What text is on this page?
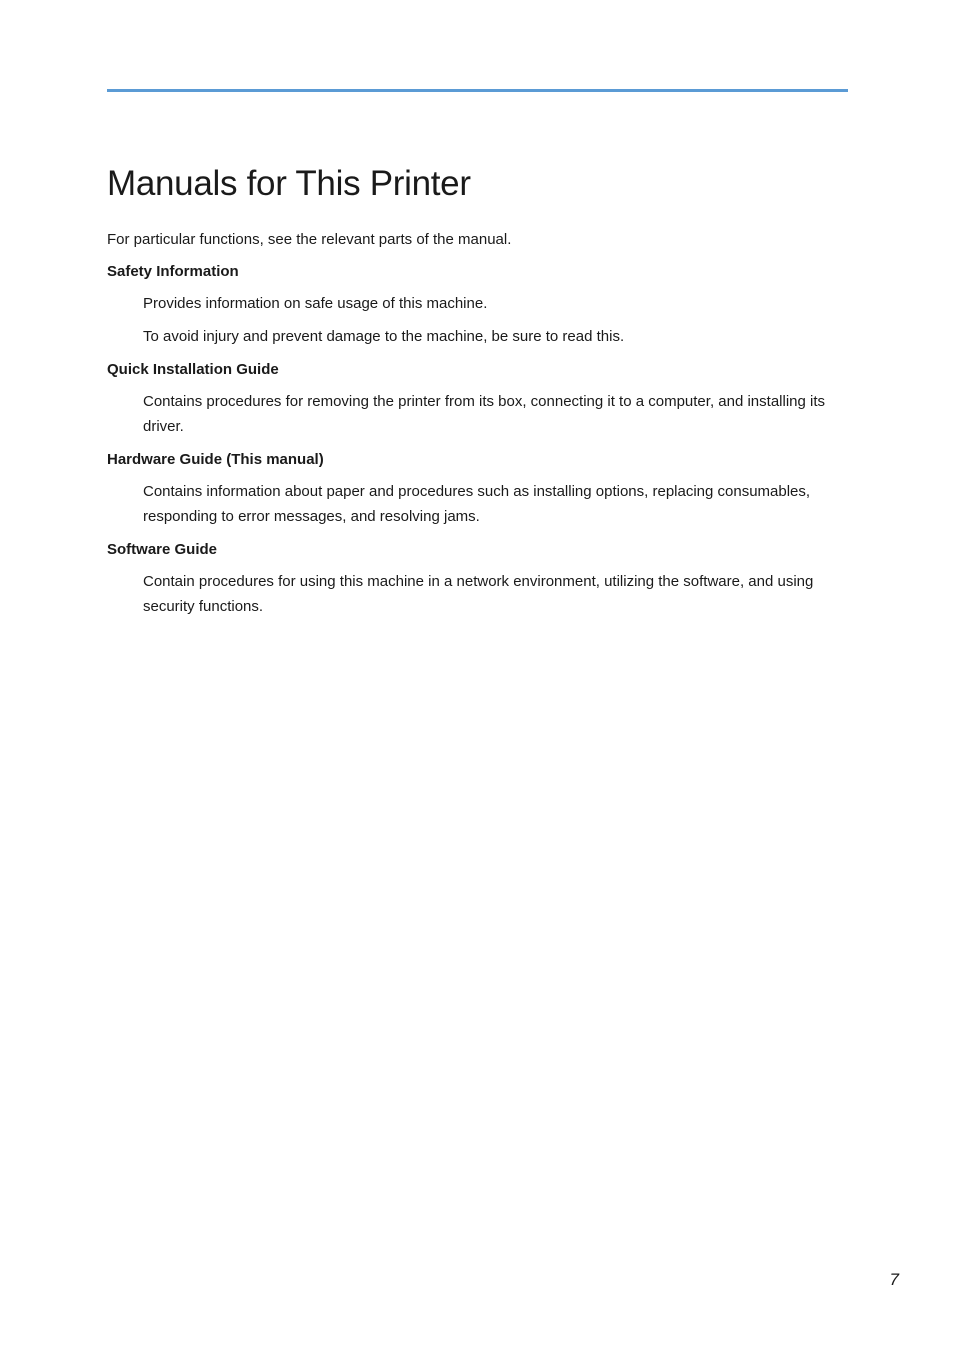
Manuals for This Printer

For particular functions, see the relevant parts of the manual.

Safety Information

Provides information on safe usage of this machine.

To avoid injury and prevent damage to the machine, be sure to read this.

Quick Installation Guide

Contains procedures for removing the printer from its box, connecting it to a computer, and installing its driver.

Hardware Guide (This manual)

Contains information about paper and procedures such as installing options, replacing consumables, responding to error messages, and resolving jams.

Software Guide

Contain procedures for using this machine in a network environment, utilizing the software, and using security functions.

7
